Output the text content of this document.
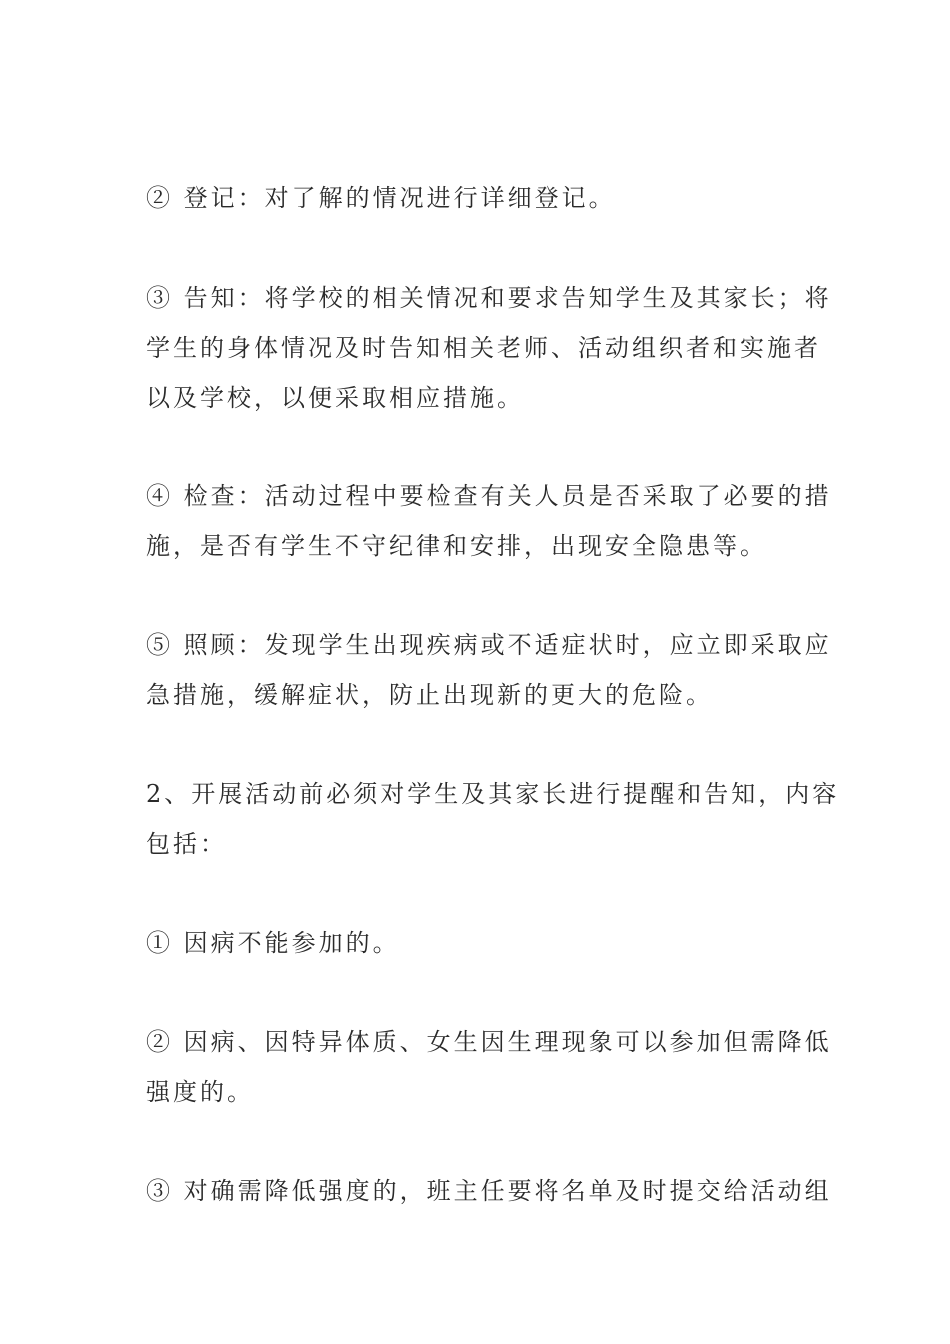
② 登记：对了解的情况进行详细登记。

③ 告知：将学校的相关情况和要求告知学生及其家长；将
学生的身体情况及时告知相关老师、活动组织者和实施者
以及学校，以便采取相应措施。

④ 检查：活动过程中要检查有关人员是否采取了必要的措
施，是否有学生不守纪律和安排，出现安全隐患等。

⑤ 照顾：发现学生出现疾病或不适症状时，应立即采取应
急措施，缓解症状，防止出现新的更大的危险。

2、开展活动前必须对学生及其家长进行提醒和告知，内容
包括：

① 因病不能参加的。

② 因病、因特异体质、女生因生理现象可以参加但需降低
强度的。

③ 对确需降低强度的，班主任要将名单及时提交给活动组
